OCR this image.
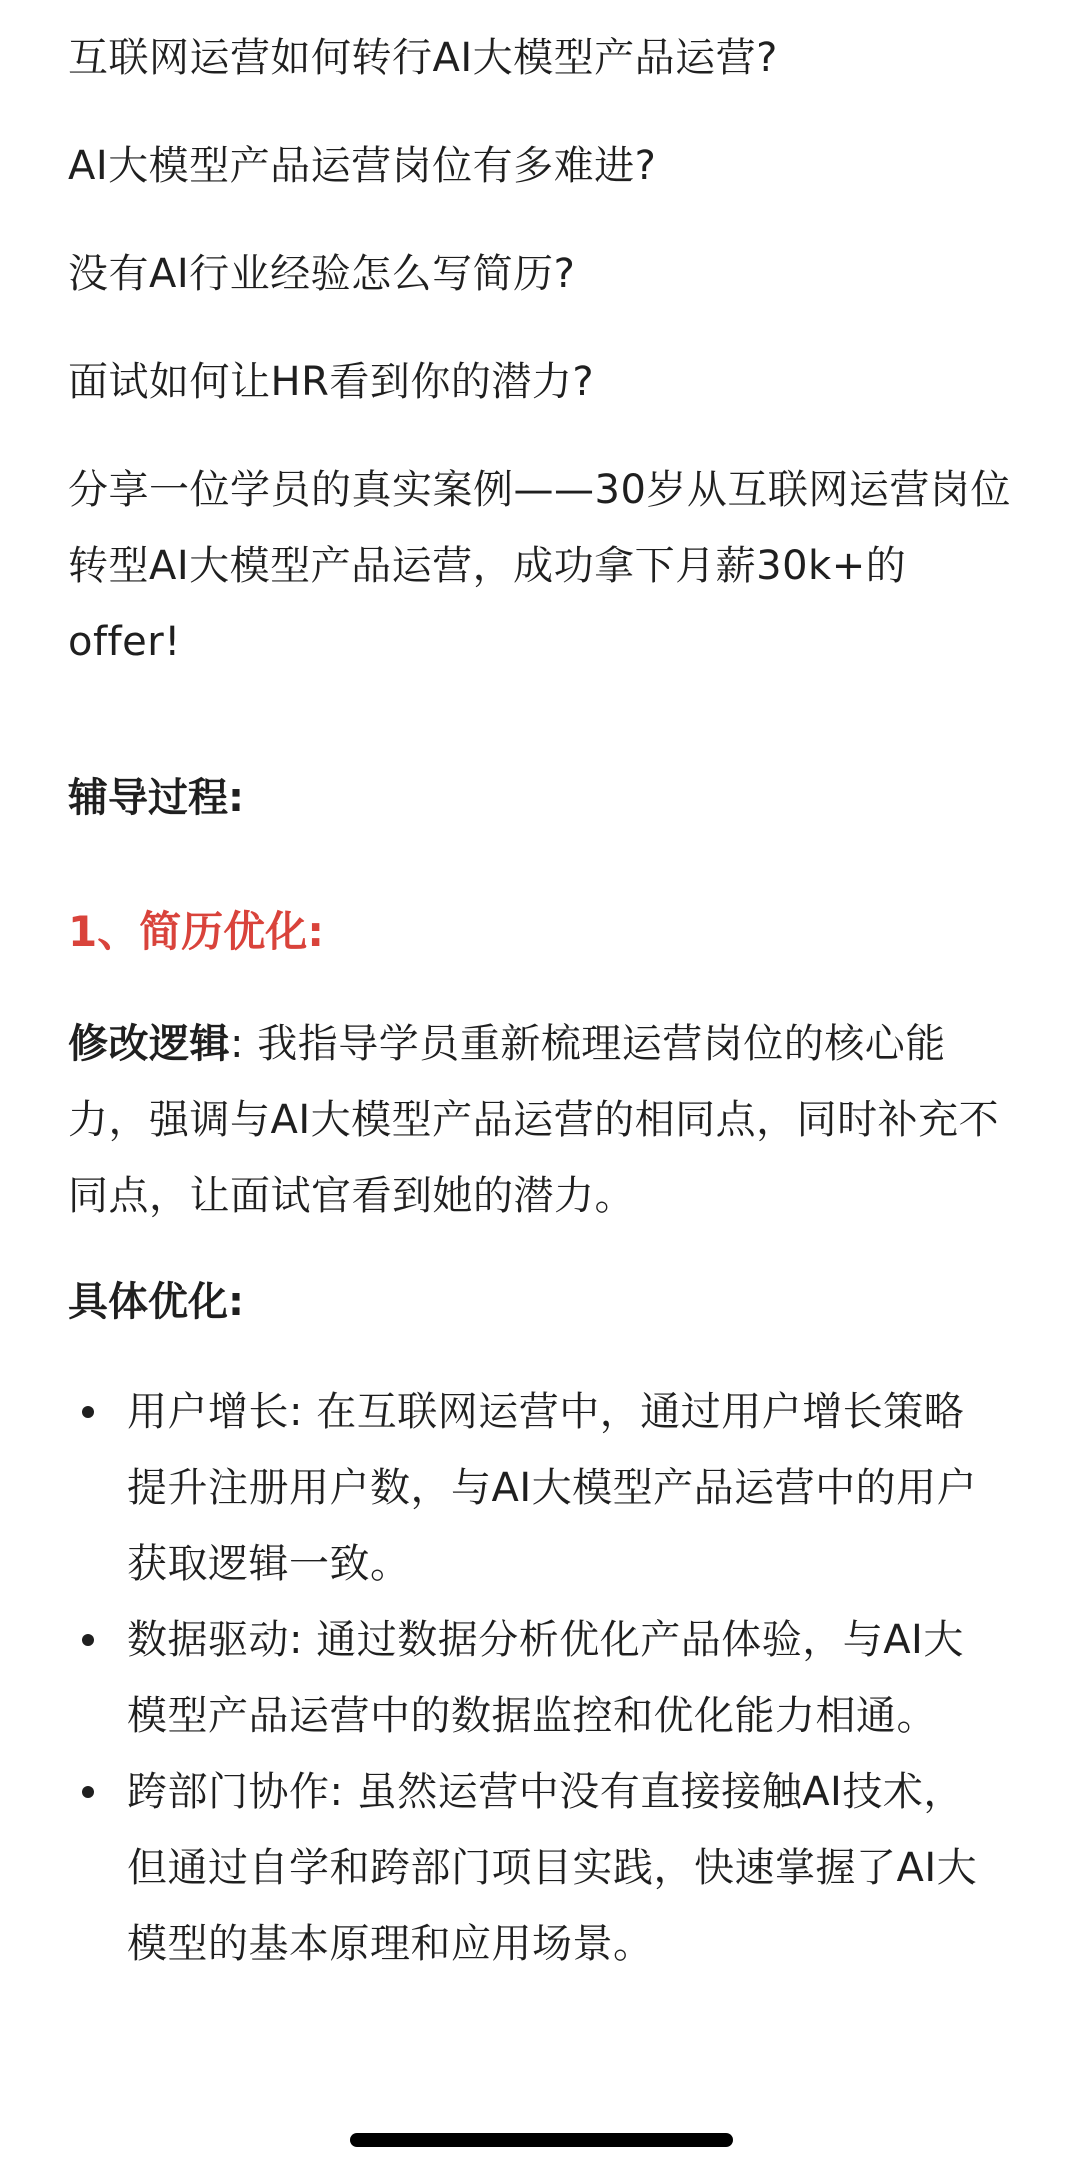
互联网运营如何转行AI大模型产品运营?

AI大模型产品运营岗位有多难进?

没有AI行业经验怎么写简历?

面试如何让HR看到你的潜力?

分享一位学员的真实案例——30岁从互联网运营岗位转型AI大模型产品运营，成功拿下月薪30k+的offer!

辅导过程:

1、简历优化:

修改逻辑: 我指导学员重新梳理运营岗位的核心能力，强调与AI大模型产品运营的相同点，同时补充不同点，让面试官看到她的潜力。

具体优化:

用户增长: 在互联网运营中，通过用户增长策略提升注册用户数，与AI大模型产品运营中的用户获取逻辑一致。
数据驱动: 通过数据分析优化产品体验，与AI大模型产品运营中的数据监控和优化能力相通。
跨部门协作: 虽然运营中没有直接接触AI技术，但通过自学和跨部门项目实践，快速掌握了AI大模型的基本原理和应用场景。
